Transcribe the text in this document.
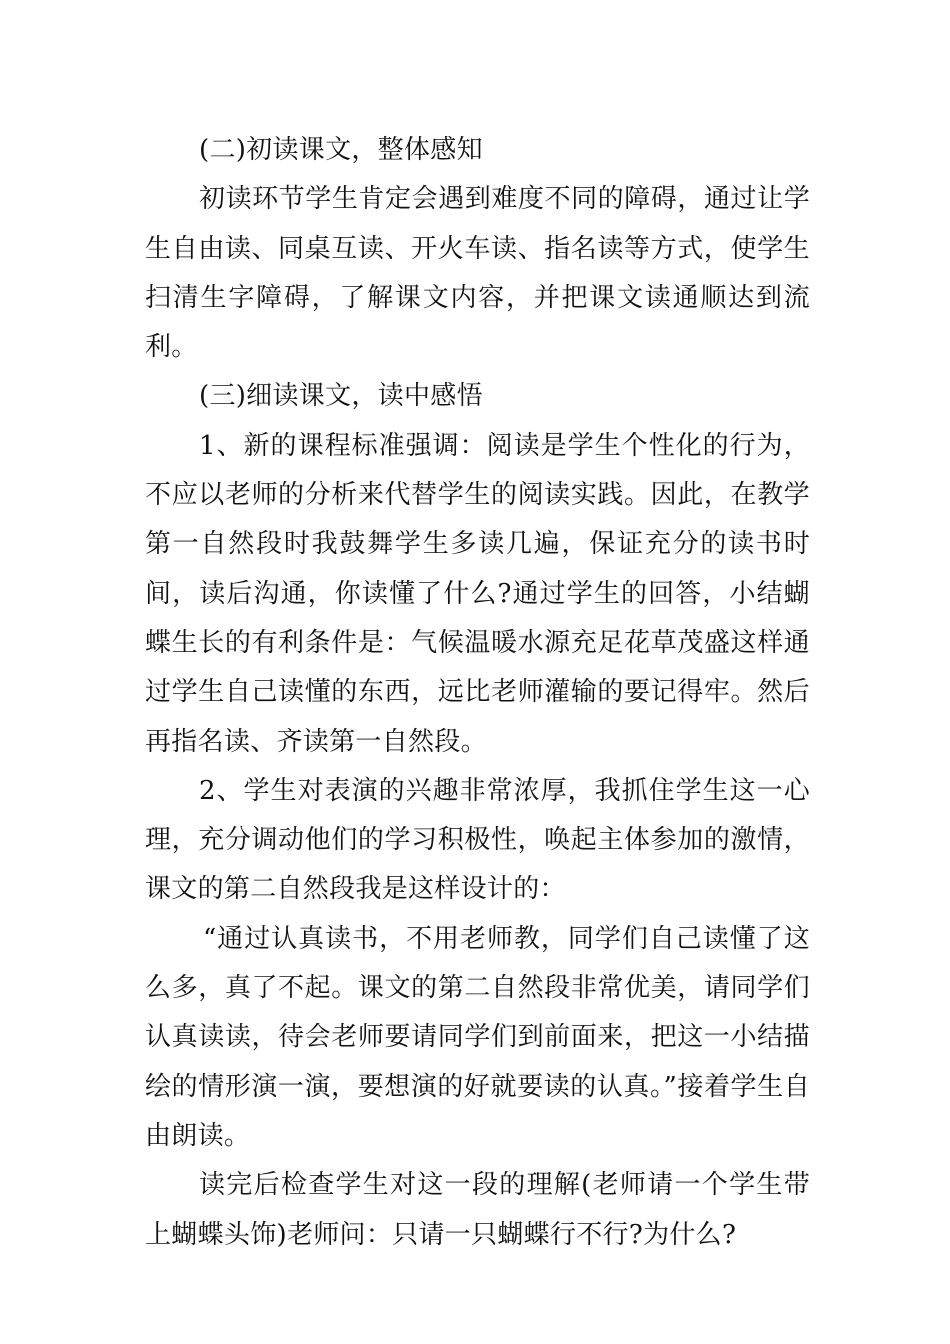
(二)初读课文，整体感知

初读环节学生肯定会遇到难度不同的障碍，通过让学生自由读、同桌互读、开火车读、指名读等方式，使学生扫清生字障碍，了解课文内容，并把课文读通顺达到流利。

(三)细读课文，读中感悟

1、新的课程标准强调：阅读是学生个性化的行为，不应以老师的分析来代替学生的阅读实践。因此，在教学第一自然段时我鼓舞学生多读几遍，保证充分的读书时间，读后沟通，你读懂了什么?通过学生的回答，小结蝴蝶生长的有利条件是：气候温暖水源充足花草茂盛这样通过学生自己读懂的东西，远比老师灌输的要记得牢。然后再指名读、齐读第一自然段。

2、学生对表演的兴趣非常浓厚，我抓住学生这一心理，充分调动他们的学习积极性，唤起主体参加的激情，课文的第二自然段我是这样设计的：

“通过认真读书，不用老师教，同学们自己读懂了这么多，真了不起。课文的第二自然段非常优美，请同学们认真读读，待会老师要请同学们到前面来，把这一小结描绘的情形演一演，要想演的好就要读的认真。”接着学生自由朗读。

读完后检查学生对这一段的理解(老师请一个学生带上蝴蝶头饰)老师问：只请一只蝴蝶行不行?为什么?
